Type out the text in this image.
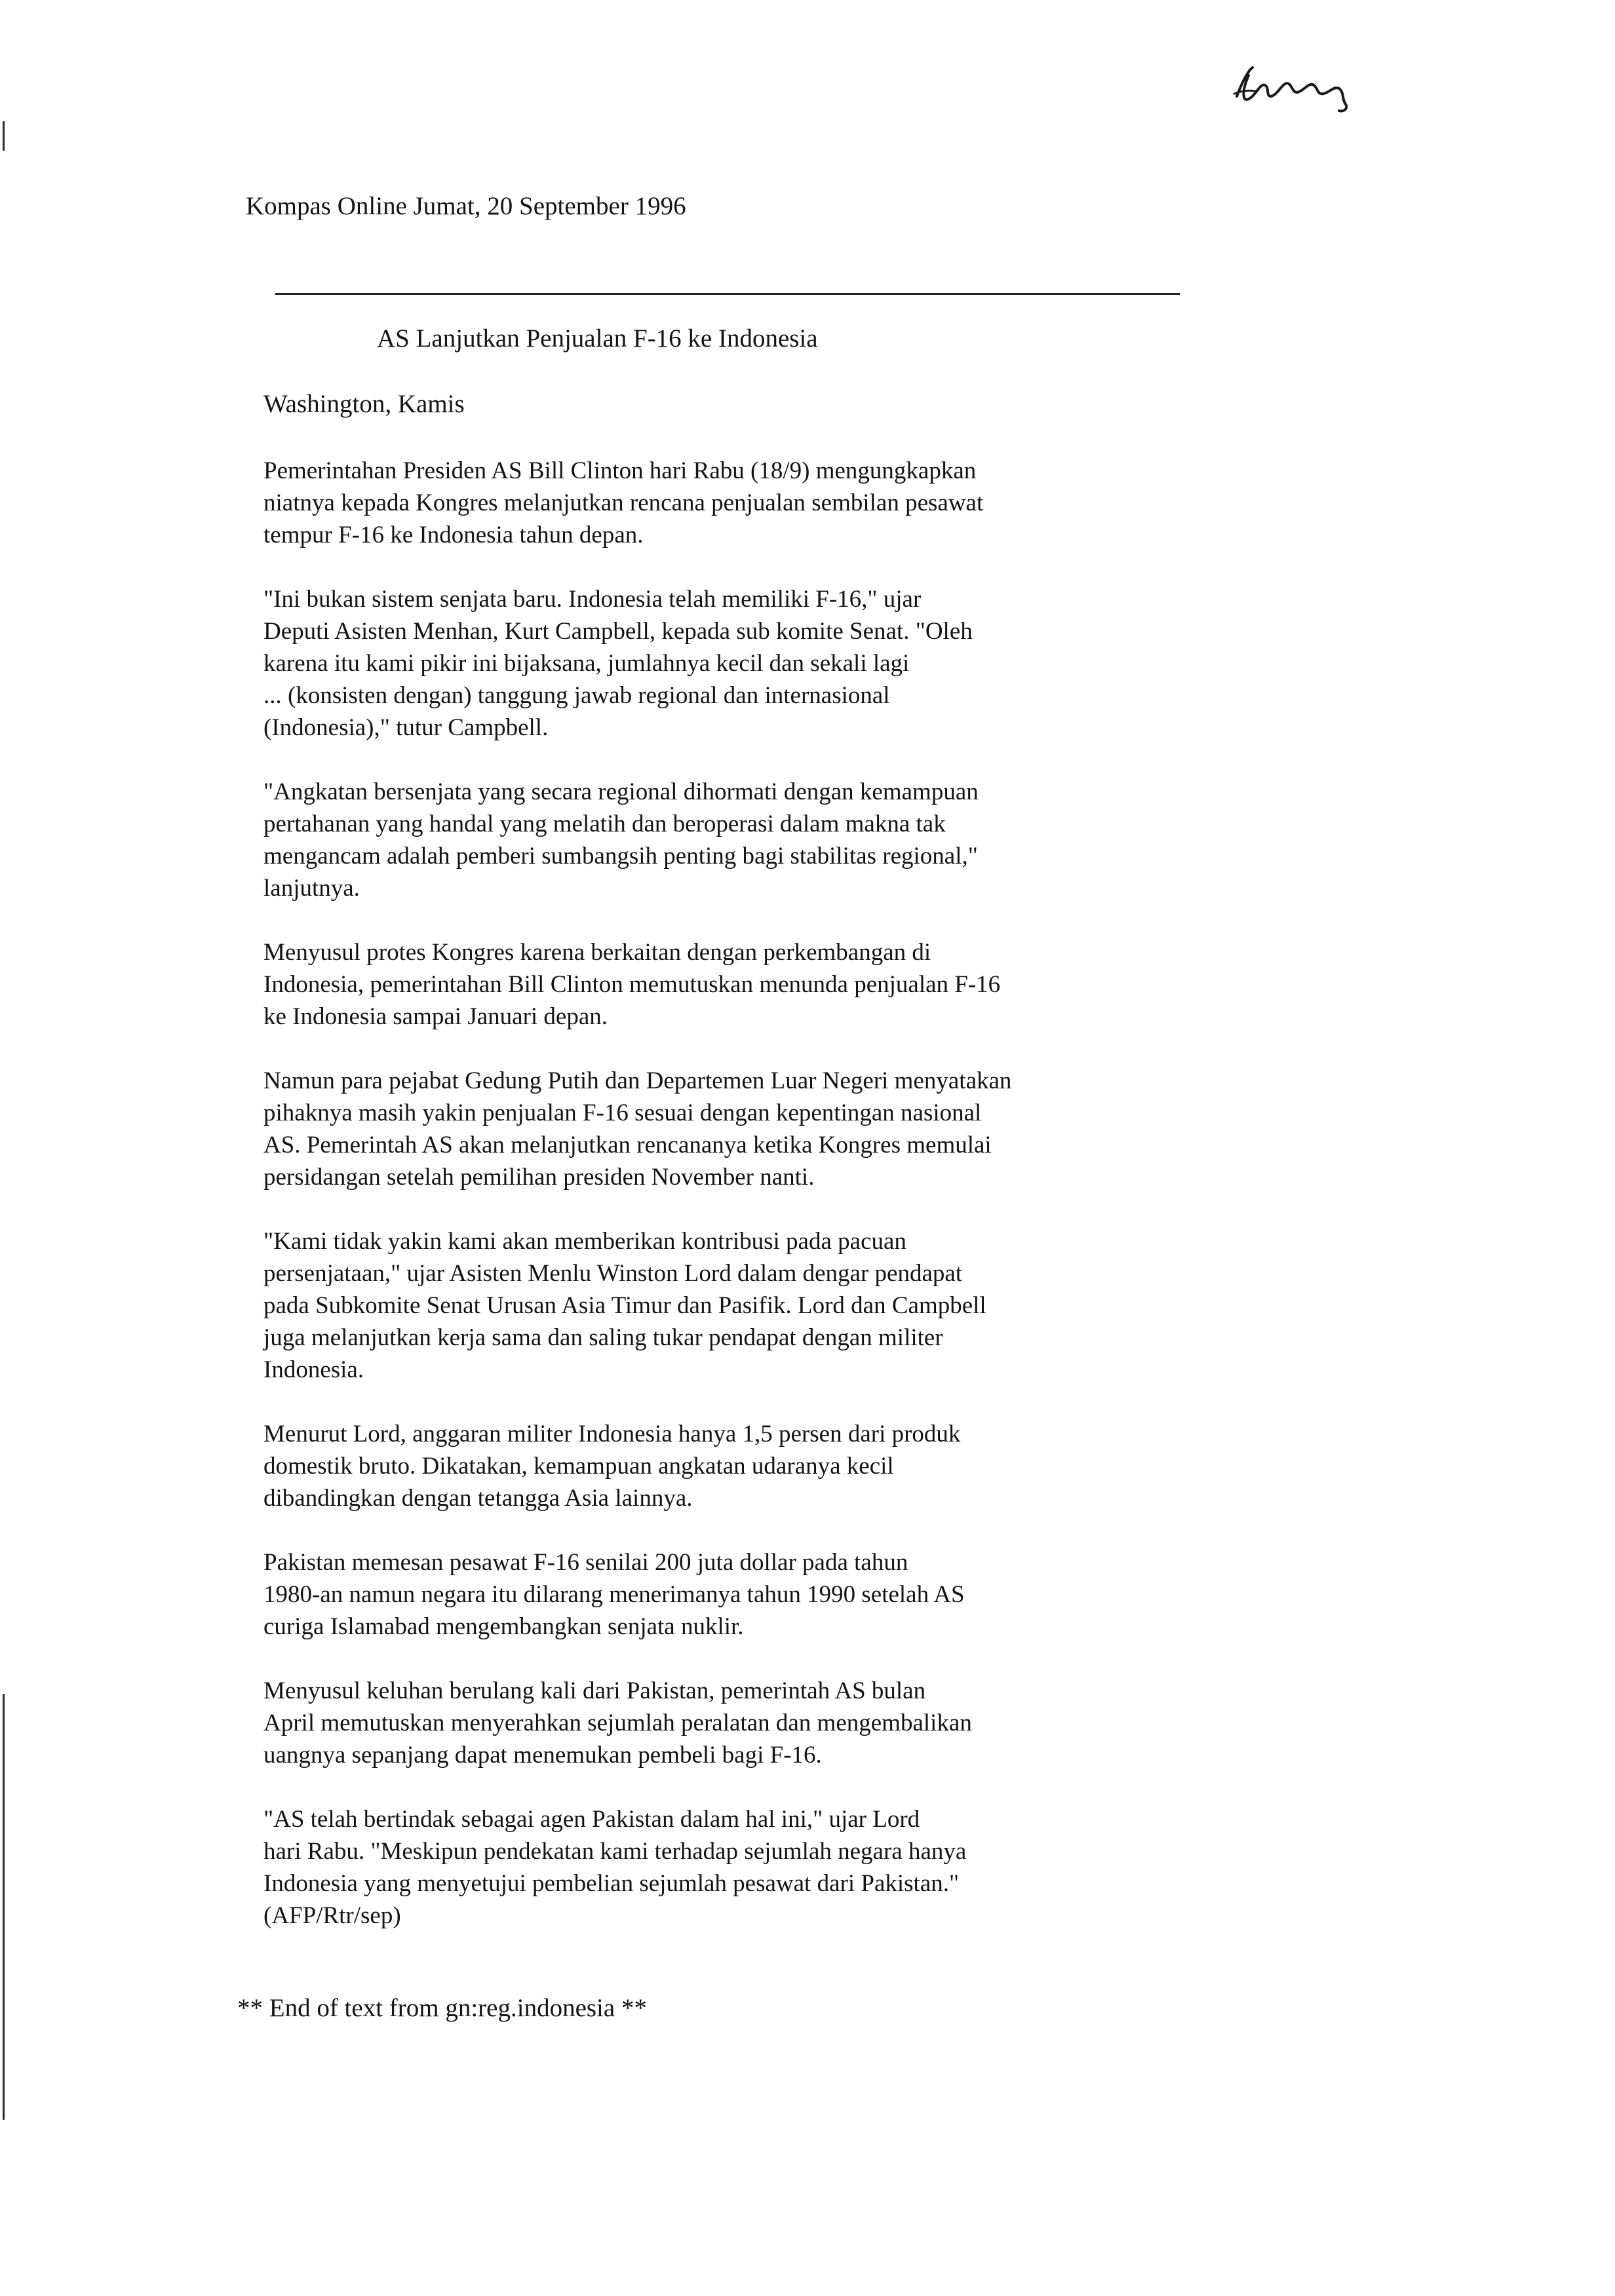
Kompas Online Jumat, 20 September 1996
AS Lanjutkan Penjualan F-16 ke Indonesia
Washington, Kamis

Pemerintahan Presiden AS Bill Clinton hari Rabu (18/9) mengungkapkan
niatnya kepada Kongres melanjutkan rencana penjualan sembilan pesawat
tempur F-16 ke Indonesia tahun depan.

"Ini bukan sistem senjata baru. Indonesia telah memiliki F-16," ujar
Deputi Asisten Menhan, Kurt Campbell, kepada sub komite Senat. "Oleh
karena itu kami pikir ini bijaksana, jumlahnya kecil dan sekali lagi
... (konsisten dengan) tanggung jawab regional dan internasional
(Indonesia)," tutur Campbell.

"Angkatan bersenjata yang secara regional dihormati dengan kemampuan
pertahanan yang handal yang melatih dan beroperasi dalam makna tak
mengancam adalah pemberi sumbangsih penting bagi stabilitas regional,"
lanjutnya.

Menyusul protes Kongres karena berkaitan dengan perkembangan di
Indonesia, pemerintahan Bill Clinton memutuskan menunda penjualan F-16
ke Indonesia sampai Januari depan.

Namun para pejabat Gedung Putih dan Departemen Luar Negeri menyatakan
pihaknya masih yakin penjualan F-16 sesuai dengan kepentingan nasional
AS. Pemerintah AS akan melanjutkan rencananya ketika Kongres memulai
persidangan setelah pemilihan presiden November nanti.

"Kami tidak yakin kami akan memberikan kontribusi pada pacuan
persenjataan," ujar Asisten Menlu Winston Lord dalam dengar pendapat
pada Subkomite Senat Urusan Asia Timur dan Pasifik. Lord dan Campbell
juga melanjutkan kerja sama dan saling tukar pendapat dengan militer
Indonesia.

Menurut Lord, anggaran militer Indonesia hanya 1,5 persen dari produk
domestik bruto. Dikatakan, kemampuan angkatan udaranya kecil
dibandingkan dengan tetangga Asia lainnya.

Pakistan memesan pesawat F-16 senilai 200 juta dollar pada tahun
1980-an namun negara itu dilarang menerimanya tahun 1990 setelah AS
curiga Islamabad mengembangkan senjata nuklir.

Menyusul keluhan berulang kali dari Pakistan, pemerintah AS bulan
April memutuskan menyerahkan sejumlah peralatan dan mengembalikan
uangnya sepanjang dapat menemukan pembeli bagi F-16.

"AS telah bertindak sebagai agen Pakistan dalam hal ini," ujar Lord
hari Rabu. "Meskipun pendekatan kami terhadap sejumlah negara hanya
Indonesia yang menyetujui pembelian sejumlah pesawat dari Pakistan."
(AFP/Rtr/sep)

** End of text from gn:reg.indonesia **
